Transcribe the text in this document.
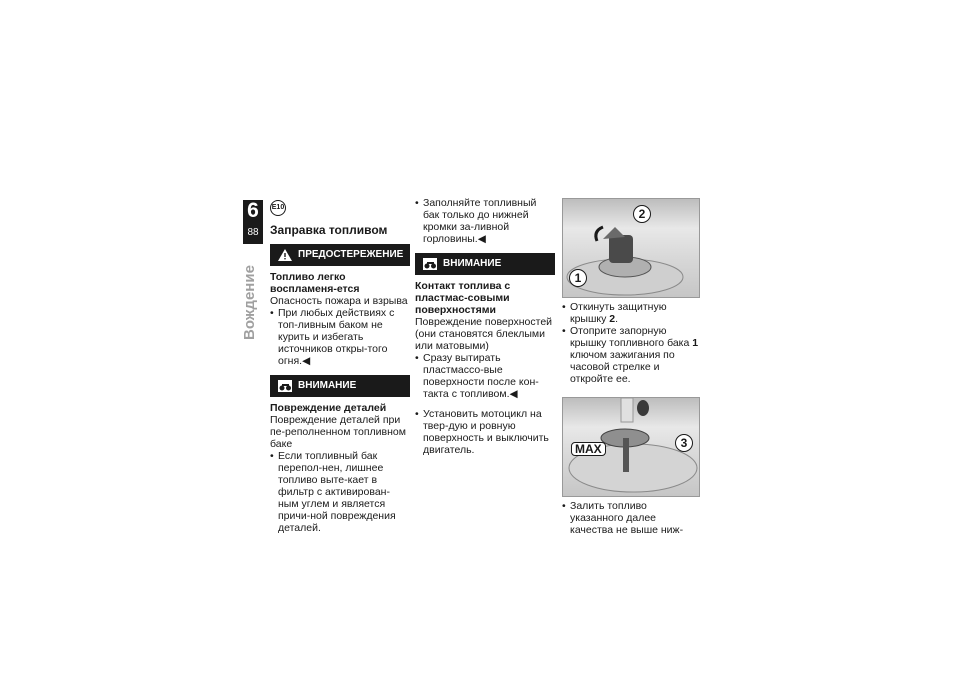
6
88
Вождение
E10
Заправка топливом
ПРЕДОСТЕРЕЖЕНИЕ

Топливо легко воспламеня-ется

Опасность пожара и взрыва

• При любых действиях с топ-ливным баком не курить и избегать источников откры-того огня.◀
ВНИМАНИЕ

Повреждение деталей

Повреждение деталей при пе-реполненном топливном баке

• Если топливный бак перепол-нен, лишнее топливо выте-кает в фильтр с активирован-ным углем и является причи-ной повреждения деталей.
• Заполняйте топливный бак только до нижней кромки за-ливной горловины.◀
ВНИМАНИЕ

Контакт топлива с пластмас-совыми поверхностями

Повреждение поверхностей (они становятся блеклыми или матовыми)

• Сразу вытирать пластмассо-вые поверхности после кон-такта с топливом.◀
• Установить мотоцикл на твер-дую и ровную поверхность и выключить двигатель.
2
1
• Откинуть защитную крышку 2.
• Отоприте запорную крышку топливного бака 1 ключом зажигания по часовой стрелке и откройте ее.
MAX	3
• Залить топливо указанного далее качества не выше ниж-
